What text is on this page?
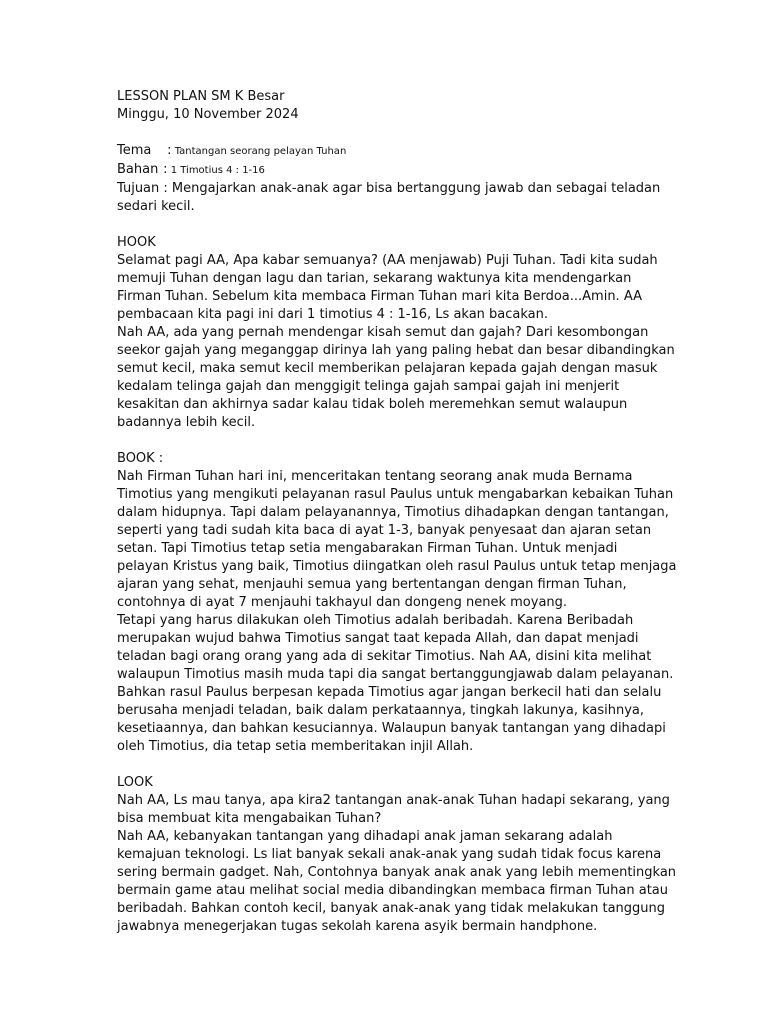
LESSON PLAN SM K Besar
Minggu, 10 November 2024
Tema : Tantangan seorang pelayan Tuhan
Bahan : 1 Timotius 4 : 1-16
Tujuan : Mengajarkan anak-anak agar bisa bertanggung jawab dan sebagai teladan
sedari kecil.
HOOK
Selamat pagi AA, Apa kabar semuanya? (AA menjawab) Puji Tuhan. Tadi kita sudah
memuji Tuhan dengan lagu dan tarian, sekarang waktunya kita mendengarkan
Firman Tuhan. Sebelum kita membaca Firman Tuhan mari kita Berdoa...Amin. AA
pembacaan kita pagi ini dari 1 timotius 4 : 1-16, Ls akan bacakan.
Nah AA, ada yang pernah mendengar kisah semut dan gajah? Dari kesombongan
seekor gajah yang meganggap dirinya lah yang paling hebat dan besar dibandingkan
semut kecil, maka semut kecil memberikan pelajaran kepada gajah dengan masuk
kedalam telinga gajah dan menggigit telinga gajah sampai gajah ini menjerit
kesakitan dan akhirnya sadar kalau tidak boleh meremehkan semut walaupun
badannya lebih kecil.
BOOK :
Nah Firman Tuhan hari ini, menceritakan tentang seorang anak muda Bernama
Timotius yang mengikuti pelayanan rasul Paulus untuk mengabarkan kebaikan Tuhan
dalam hidupnya. Tapi dalam pelayanannya, Timotius dihadapkan dengan tantangan,
seperti yang tadi sudah kita baca di ayat 1-3, banyak penyesaat dan ajaran setan
setan. Tapi Timotius tetap setia mengabarakan Firman Tuhan. Untuk menjadi
pelayan Kristus yang baik, Timotius diingatkan oleh rasul Paulus untuk tetap menjaga
ajaran yang sehat, menjauhi semua yang bertentangan dengan firman Tuhan,
contohnya di ayat 7 menjauhi takhayul dan dongeng nenek moyang.
Tetapi yang harus dilakukan oleh Timotius adalah beribadah. Karena Beribadah
merupakan wujud bahwa Timotius sangat taat kepada Allah, dan dapat menjadi
teladan bagi orang orang yang ada di sekitar Timotius. Nah AA, disini kita melihat
walaupun Timotius masih muda tapi dia sangat bertanggungjawab dalam pelayanan.
Bahkan rasul Paulus berpesan kepada Timotius agar jangan berkecil hati dan selalu
berusaha menjadi teladan, baik dalam perkataannya, tingkah lakunya, kasihnya,
kesetiaannya, dan bahkan kesuciannya. Walaupun banyak tantangan yang dihadapi
oleh Timotius, dia tetap setia memberitakan injil Allah.
LOOK
Nah AA, Ls mau tanya, apa kira2 tantangan anak-anak Tuhan hadapi sekarang, yang
bisa membuat kita mengabaikan Tuhan?
Nah AA, kebanyakan tantangan yang dihadapi anak jaman sekarang adalah
kemajuan teknologi. Ls liat banyak sekali anak-anak yang sudah tidak focus karena
sering bermain gadget. Nah, Contohnya banyak anak anak yang lebih mementingkan
bermain game atau melihat social media dibandingkan membaca firman Tuhan atau
beribadah. Bahkan contoh kecil, banyak anak-anak yang tidak melakukan tanggung
jawabnya menegerjakan tugas sekolah karena asyik bermain handphone.
